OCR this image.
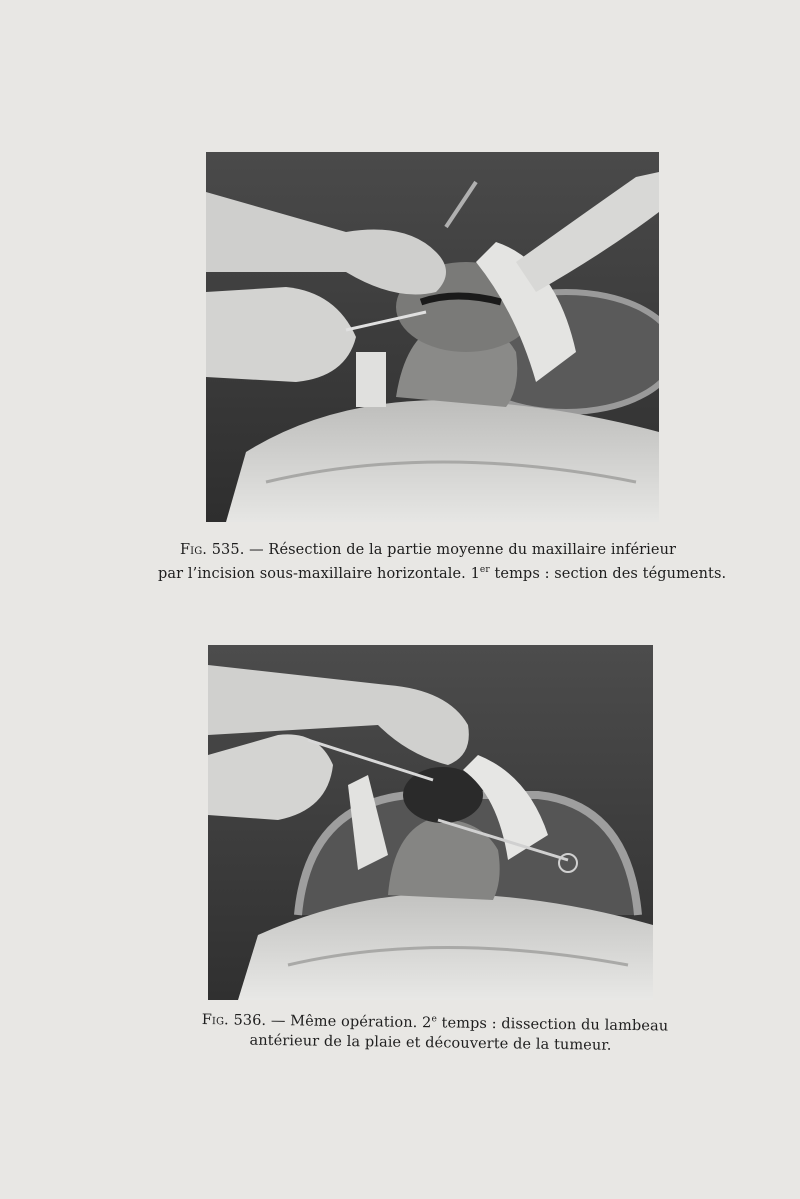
Fig. 535. — Résection de la partie moyenne du maxillaire inférieur
par l’incision sous-maxillaire horizontale. 1er temps : section des téguments.
Fig. 536. — Même opération. 2e temps : dissection du lambeau
antérieur de la plaie et découverte de la tumeur.
